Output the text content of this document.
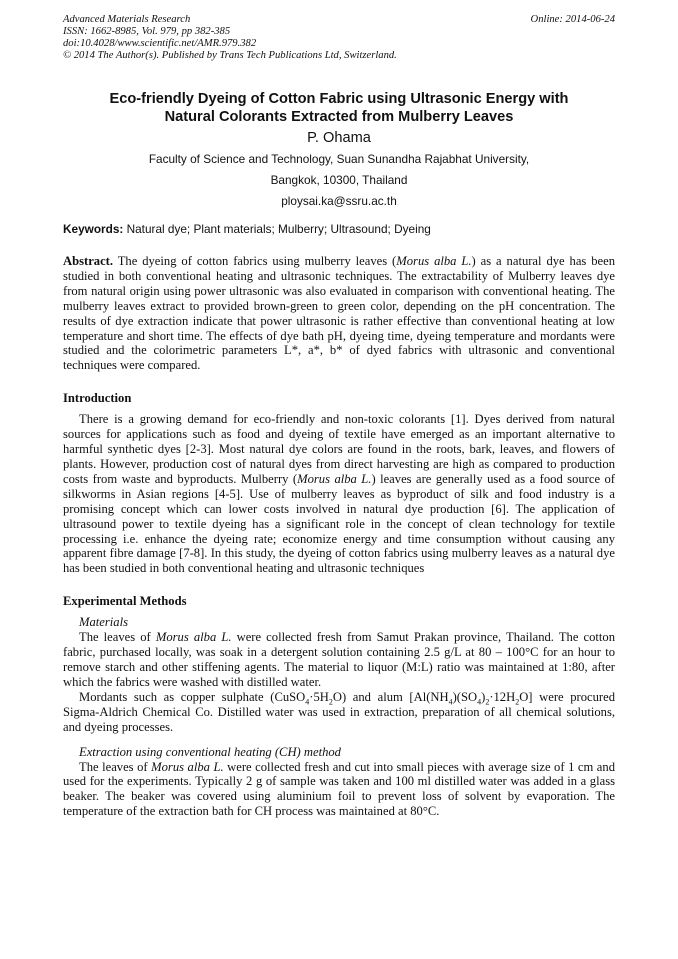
Advanced Materials Research
ISSN: 1662-8985, Vol. 979, pp 382-385
doi:10.4028/www.scientific.net/AMR.979.382
© 2014 The Author(s). Published by Trans Tech Publications Ltd, Switzerland.
Online: 2014-06-24
Eco-friendly Dyeing of Cotton Fabric using Ultrasonic Energy with
Natural Colorants Extracted from Mulberry Leaves
P. Ohama
Faculty of Science and Technology, Suan Sunandha Rajabhat University,
Bangkok, 10300, Thailand
ploysai.ka@ssru.ac.th
Keywords: Natural dye; Plant materials; Mulberry; Ultrasound; Dyeing

Abstract. The dyeing of cotton fabrics using mulberry leaves (Morus alba L.) as a natural dye has been studied in both conventional heating and ultrasonic techniques. The extractability of Mulberry leaves dye from natural origin using power ultrasonic was also evaluated in comparison with conventional heating. The mulberry leaves extract to provided brown-green to green color, depending on the pH concentration. The results of dye extraction indicate that power ultrasonic is rather effective than conventional heating at low temperature and short time. The effects of dye bath pH, dyeing time, dyeing temperature and mordants were studied and the colorimetric parameters L*, a*, b* of dyed fabrics with ultrasonic and conventional techniques were compared.

Introduction

There is a growing demand for eco-friendly and non-toxic colorants [1]. Dyes derived from natural sources for applications such as food and dyeing of textile have emerged as an important alternative to harmful synthetic dyes [2-3]. Most natural dye colors are found in the roots, bark, leaves, and flowers of plants. However, production cost of natural dyes from direct harvesting are high as compared to production costs from waste and byproducts. Mulberry (Morus alba L.) leaves are generally used as a food source of silkworms in Asian regions [4-5]. Use of mulberry leaves as byproduct of silk and food industry is a promising concept which can lower costs involved in natural dye production [6]. The application of ultrasound power to textile dyeing has a significant role in the concept of clean technology for textile processing i.e. enhance the dyeing rate; economize energy and time consumption without causing any apparent fibre damage [7-8]. In this study, the dyeing of cotton fabrics using mulberry leaves as a natural dye has been studied in both conventional heating and ultrasonic techniques

Experimental Methods

Materials

The leaves of Morus alba L. were collected fresh from Samut Prakan province, Thailand. The cotton fabric, purchased locally, was soak in a detergent solution containing 2.5 g/L at 80 – 100°C for an hour to remove starch and other stiffening agents. The material to liquor (M:L) ratio was maintained at 1:80, after which the fabrics were washed with distilled water.

Mordants such as copper sulphate $(CuSO_4\cdot 5H_2O)$ and alum $[Al(NH_4)(SO_4)_2\cdot 12H_2O]$ were procured Sigma-Aldrich Chemical Co. Distilled water was used in extraction, preparation of all chemical solutions, and dyeing processes.

Extraction using conventional heating (CH) method

The leaves of Morus alba L. were collected fresh and cut into small pieces with average size of 1 cm and used for the experiments. Typically 2 g of sample was taken and 100 ml distilled water was added in a glass beaker. The beaker was covered using aluminium foil to prevent loss of solvent by evaporation. The temperature of the extraction bath for CH process was maintained at 80°C.
